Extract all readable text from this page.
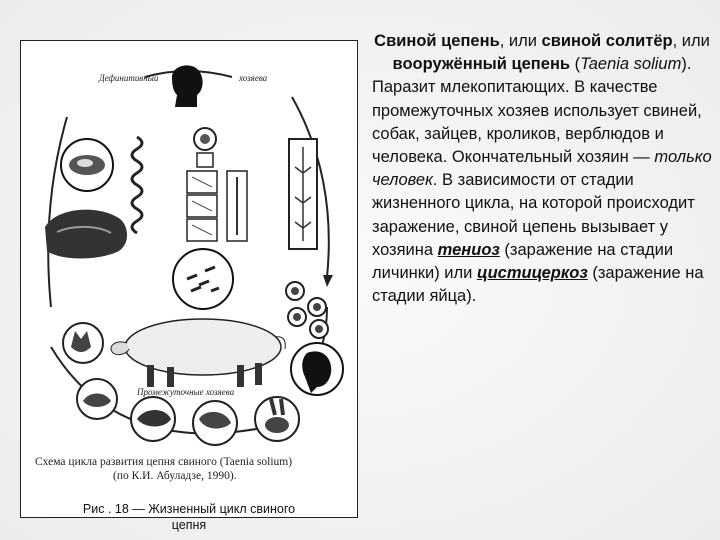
Дефинитивный	хозяева
Промежуточные хозяева
Схема цикла развития цепня свиного (Taenia solium)
(по К.И. Абуладзе, 1990).
Рис . 18 — Жизненный цикл свиного
цепня
Свиной цепень, или свиной солитёр, или вооружённый цепень (Taenia solium).
Паразит млекопитающих. В качестве промежуточных хозяев использует свиней, собак, зайцев, кроликов, верблюдов и человека. Окончательный хозяин — только человек. В зависимости от стадии жизненного цикла, на которой происходит заражение, свиной цепень вызывает у хозяина тениоз (заражение на стадии личинки) или цистицеркоз (заражение на стадии яйца).
